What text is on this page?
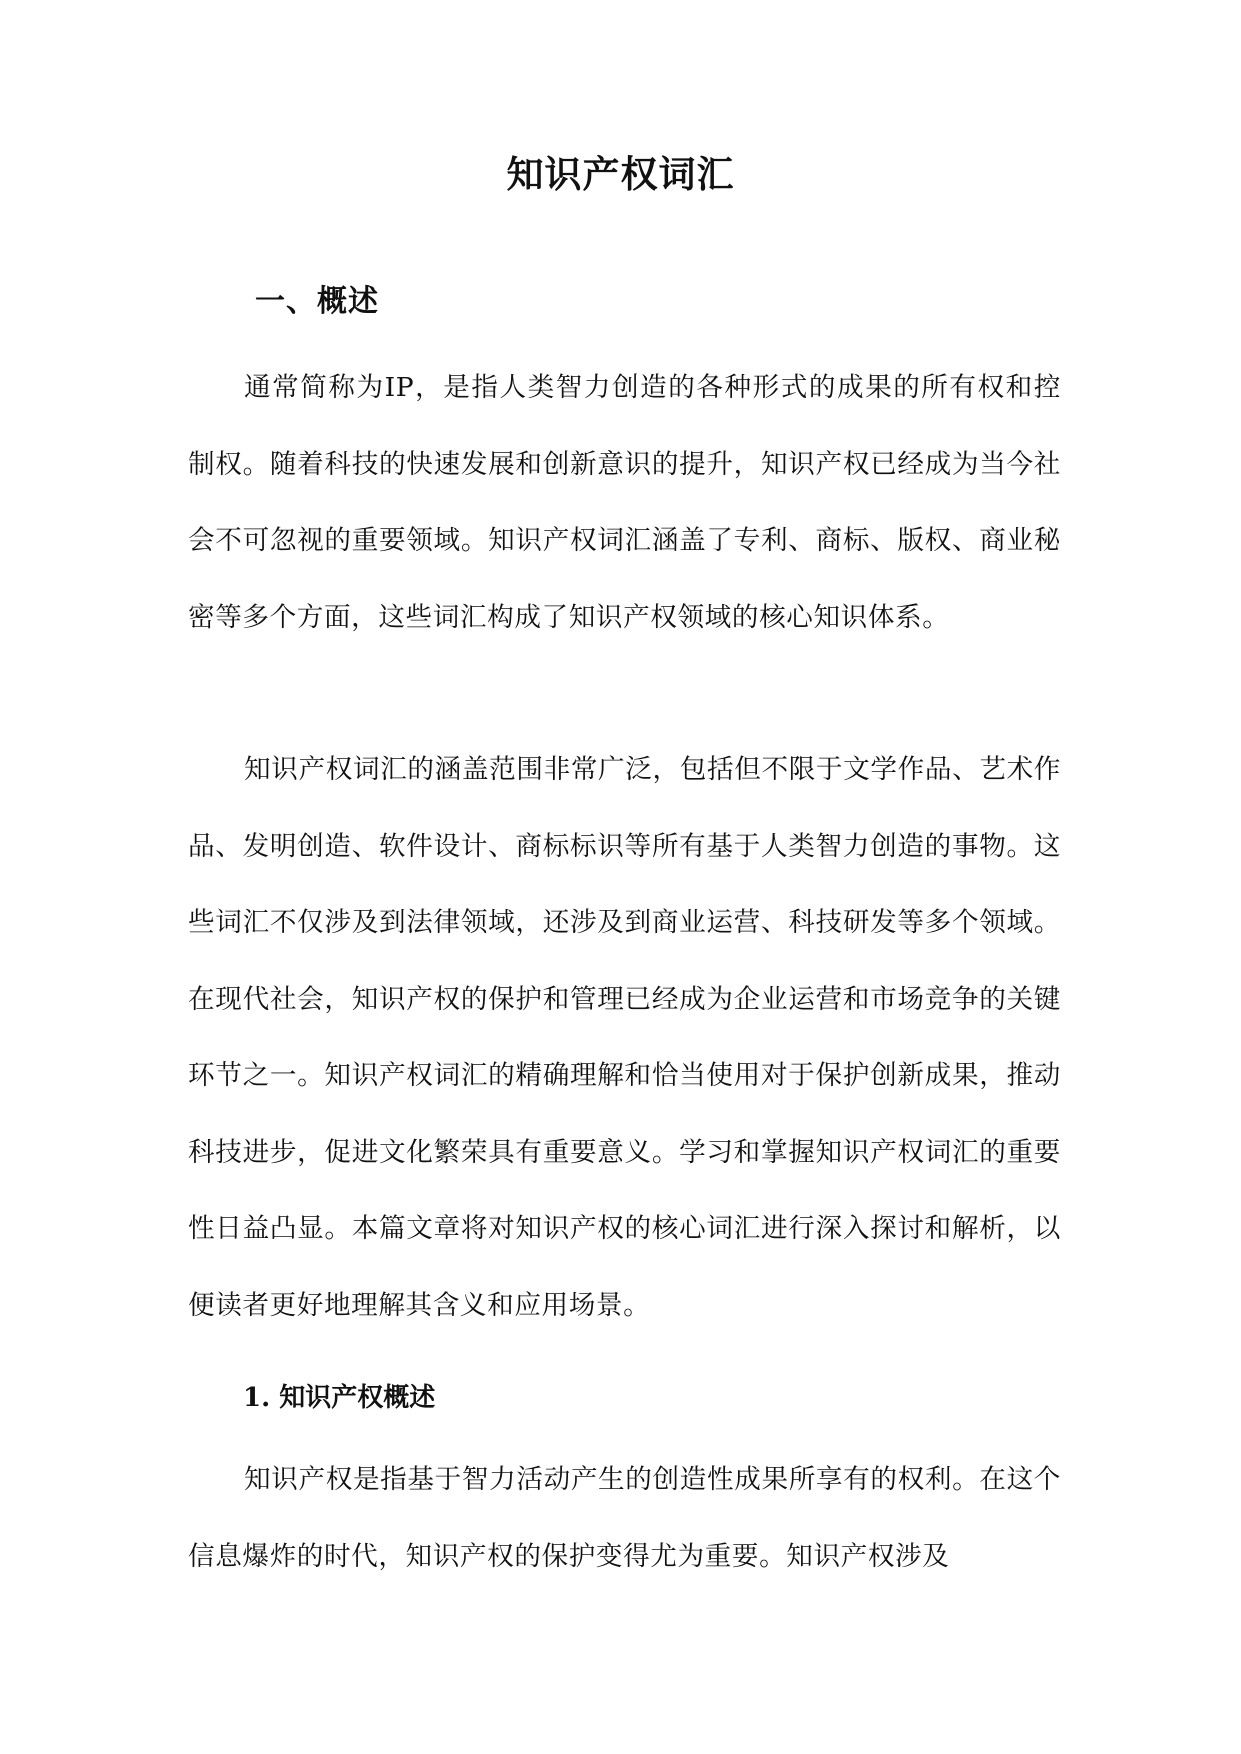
知识产权词汇
一、概述

通常简称为IP，是指人类智力创造的各种形式的成果的所有权和控制权。随着科技的快速发展和创新意识的提升，知识产权已经成为当今社会不可忽视的重要领域。知识产权词汇涵盖了专利、商标、版权、商业秘密等多个方面，这些词汇构成了知识产权领域的核心知识体系。

知识产权词汇的涵盖范围非常广泛，包括但不限于文学作品、艺术作品、发明创造、软件设计、商标标识等所有基于人类智力创造的事物。这些词汇不仅涉及到法律领域，还涉及到商业运营、科技研发等多个领域。在现代社会，知识产权的保护和管理已经成为企业运营和市场竞争的关键环节之一。知识产权词汇的精确理解和恰当使用对于保护创新成果，推动科技进步，促进文化繁荣具有重要意义。学习和掌握知识产权词汇的重要性日益凸显。本篇文章将对知识产权的核心词汇进行深入探讨和解析，以便读者更好地理解其含义和应用场景。

1. 知识产权概述

知识产权是指基于智力活动产生的创造性成果所享有的权利。在这个信息爆炸的时代，知识产权的保护变得尤为重要。知识产权涉及
